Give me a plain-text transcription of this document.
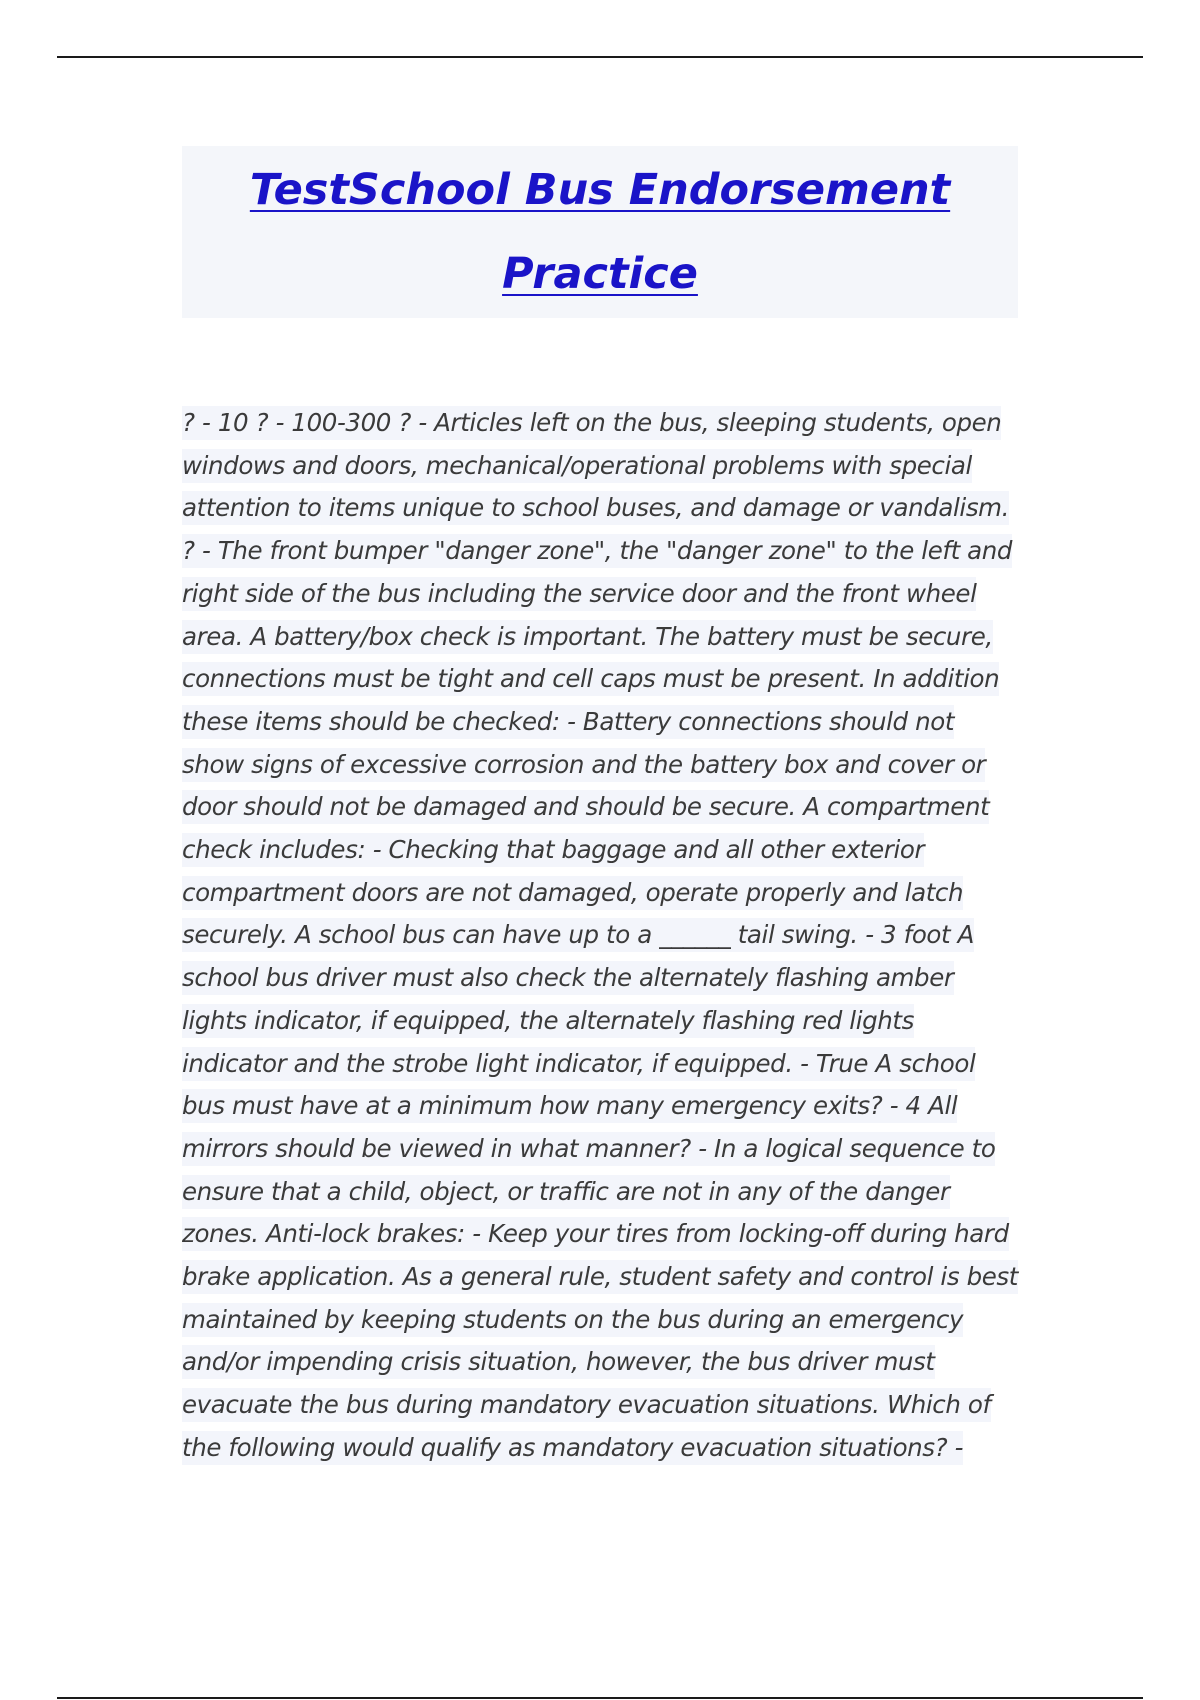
TestSchool Bus Endorsement Practice

? - 10 ? - 100-300 ? - Articles left on the bus, sleeping students, open windows and doors, mechanical/operational problems with special attention to items unique to school buses, and damage or vandalism. ? - The front bumper "danger zone", the "danger zone" to the left and right side of the bus including the service door and the front wheel area. A battery/box check is important. The battery must be secure, connections must be tight and cell caps must be present. In addition these items should be checked: - Battery connections should not show signs of excessive corrosion and the battery box and cover or door should not be damaged and should be secure. A compartment check includes: - Checking that baggage and all other exterior compartment doors are not damaged, operate properly and latch securely. A school bus can have up to a ______ tail swing. - 3 foot A school bus driver must also check the alternately flashing amber lights indicator, if equipped, the alternately flashing red lights indicator and the strobe light indicator, if equipped. - True A school bus must have at a minimum how many emergency exits? - 4 All mirrors should be viewed in what manner? - In a logical sequence to ensure that a child, object, or traffic are not in any of the danger zones. Anti-lock brakes: - Keep your tires from locking-off during hard brake application. As a general rule, student safety and control is best maintained by keeping students on the bus during an emergency and/or impending crisis situation, however, the bus driver must evacuate the bus during mandatory evacuation situations. Which of the following would qualify as mandatory evacuation situations? -
